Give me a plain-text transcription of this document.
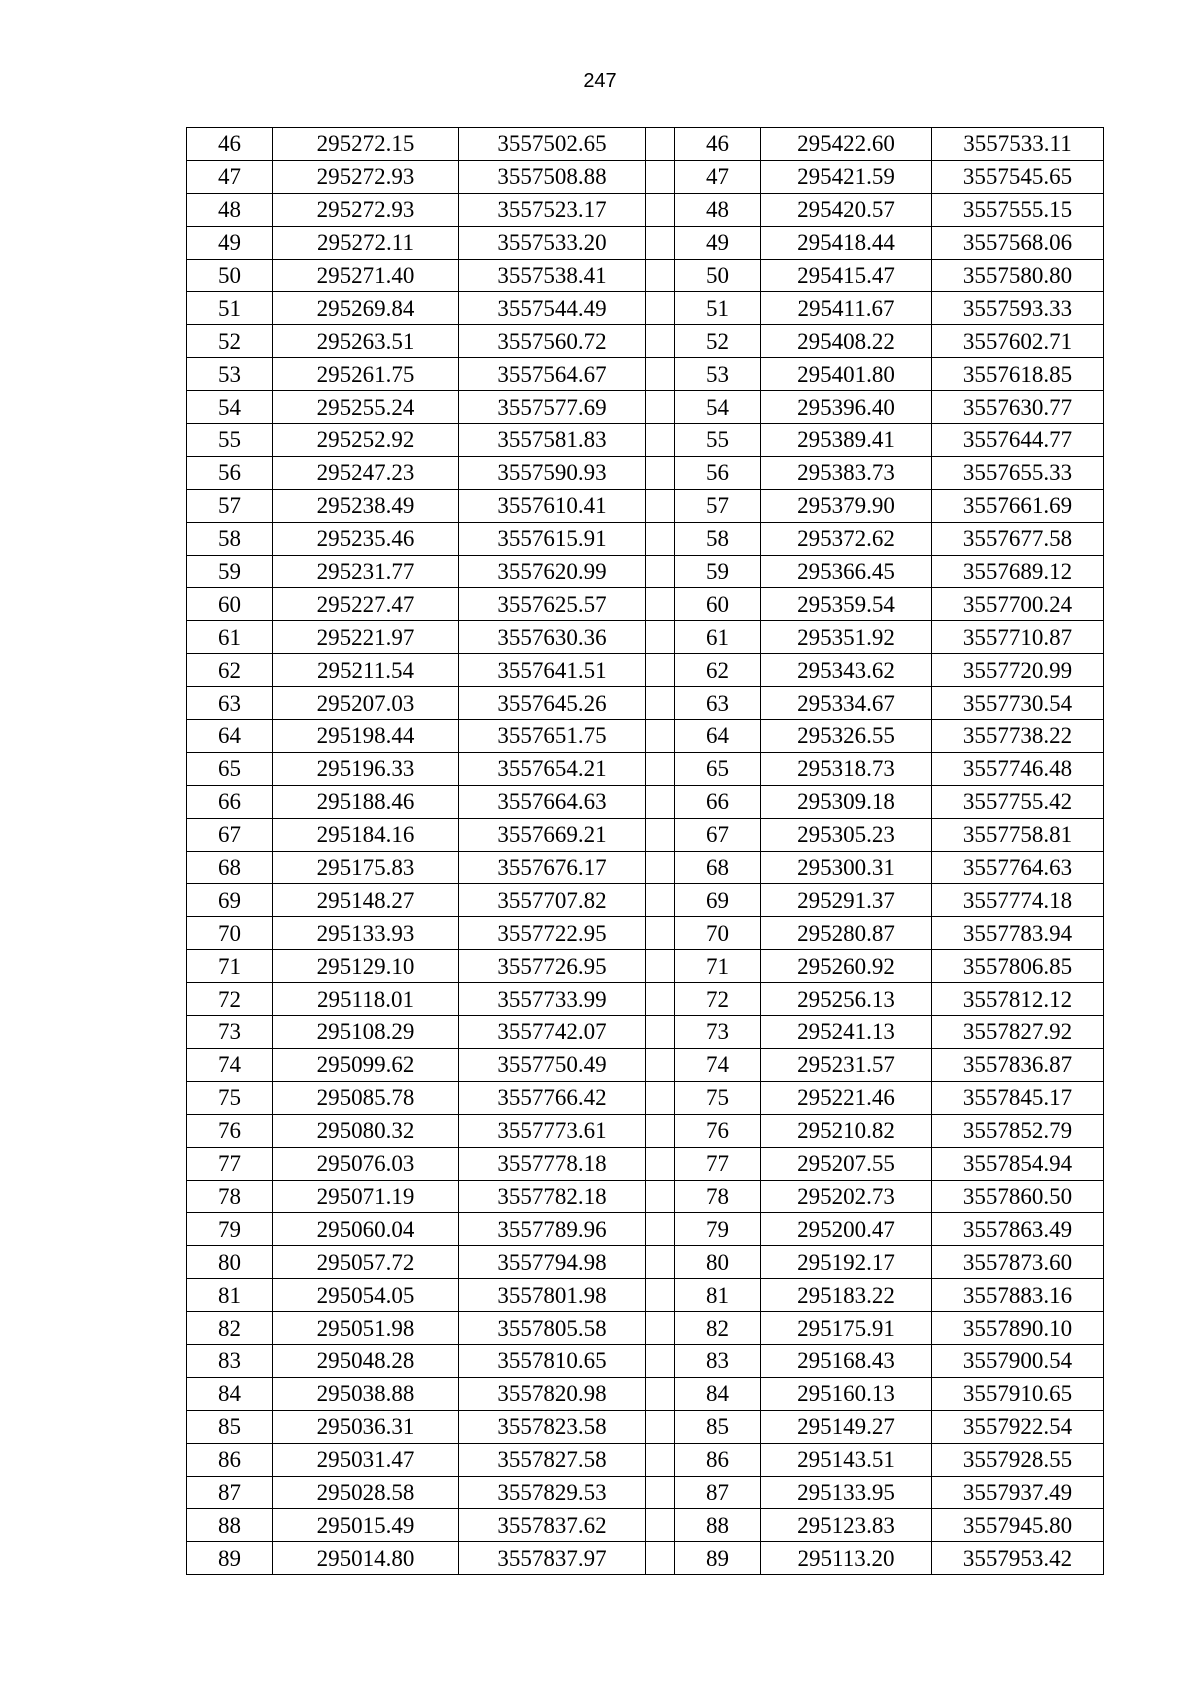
247
46	295272.15	3557502.65		46	295422.60	3557533.11
47	295272.93	3557508.88		47	295421.59	3557545.65
48	295272.93	3557523.17		48	295420.57	3557555.15
49	295272.11	3557533.20		49	295418.44	3557568.06
50	295271.40	3557538.41		50	295415.47	3557580.80
51	295269.84	3557544.49		51	295411.67	3557593.33
52	295263.51	3557560.72		52	295408.22	3557602.71
53	295261.75	3557564.67		53	295401.80	3557618.85
54	295255.24	3557577.69		54	295396.40	3557630.77
55	295252.92	3557581.83		55	295389.41	3557644.77
56	295247.23	3557590.93		56	295383.73	3557655.33
57	295238.49	3557610.41		57	295379.90	3557661.69
58	295235.46	3557615.91		58	295372.62	3557677.58
59	295231.77	3557620.99		59	295366.45	3557689.12
60	295227.47	3557625.57		60	295359.54	3557700.24
61	295221.97	3557630.36		61	295351.92	3557710.87
62	295211.54	3557641.51		62	295343.62	3557720.99
63	295207.03	3557645.26		63	295334.67	3557730.54
64	295198.44	3557651.75		64	295326.55	3557738.22
65	295196.33	3557654.21		65	295318.73	3557746.48
66	295188.46	3557664.63		66	295309.18	3557755.42
67	295184.16	3557669.21		67	295305.23	3557758.81
68	295175.83	3557676.17		68	295300.31	3557764.63
69	295148.27	3557707.82		69	295291.37	3557774.18
70	295133.93	3557722.95		70	295280.87	3557783.94
71	295129.10	3557726.95		71	295260.92	3557806.85
72	295118.01	3557733.99		72	295256.13	3557812.12
73	295108.29	3557742.07		73	295241.13	3557827.92
74	295099.62	3557750.49		74	295231.57	3557836.87
75	295085.78	3557766.42		75	295221.46	3557845.17
76	295080.32	3557773.61		76	295210.82	3557852.79
77	295076.03	3557778.18		77	295207.55	3557854.94
78	295071.19	3557782.18		78	295202.73	3557860.50
79	295060.04	3557789.96		79	295200.47	3557863.49
80	295057.72	3557794.98		80	295192.17	3557873.60
81	295054.05	3557801.98		81	295183.22	3557883.16
82	295051.98	3557805.58		82	295175.91	3557890.10
83	295048.28	3557810.65		83	295168.43	3557900.54
84	295038.88	3557820.98		84	295160.13	3557910.65
85	295036.31	3557823.58		85	295149.27	3557922.54
86	295031.47	3557827.58		86	295143.51	3557928.55
87	295028.58	3557829.53		87	295133.95	3557937.49
88	295015.49	3557837.62		88	295123.83	3557945.80
89	295014.80	3557837.97		89	295113.20	3557953.42
